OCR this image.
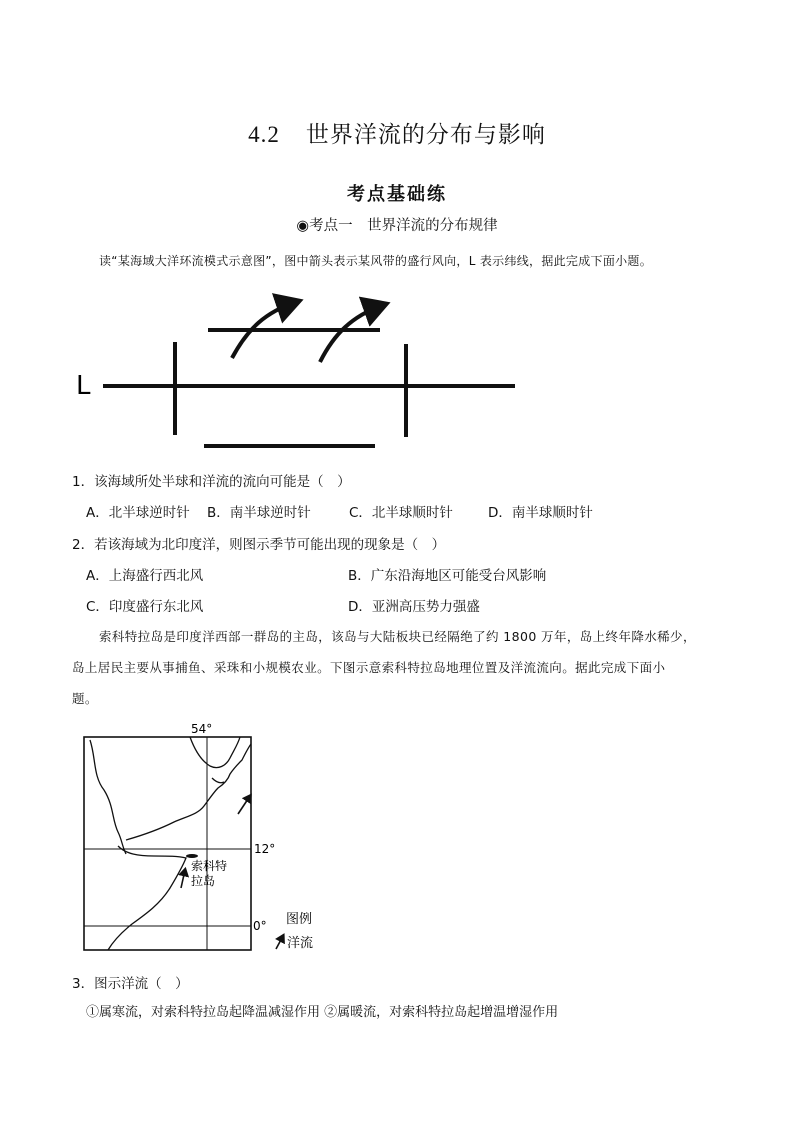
4.2 世界洋流的分布与影响
考点基础练
◉考点一　世界洋流的分布规律
读“某海域大洋环流模式示意图”，图中箭头表示某风带的盛行风向，L 表示纬线，据此完成下面小题。
L
1．该海域所处半球和洋流的流向可能是（　）
A．北半球逆时针 B．南半球逆时针	C．北半球顺时针	D．南半球顺时针
2．若该海域为北印度洋，则图示季节可能出现的现象是（　）
A．上海盛行西北风	B．广东沿海地区可能受台风影响
C．印度盛行东北风	D．亚洲高压势力强盛
索科特拉岛是印度洋西部一群岛的主岛，该岛与大陆板块已经隔绝了约 1800 万年，岛上终年降水稀少，
岛上居民主要从事捕鱼、采珠和小规模农业。下图示意索科特拉岛地理位置及洋流流向。据此完成下面小
题。
54°
12°
0°
索科特
拉岛
图例
洋流
3．图示洋流（　）
①属寒流，对索科特拉岛起降温减湿作用 ②属暖流，对索科特拉岛起增温增湿作用
